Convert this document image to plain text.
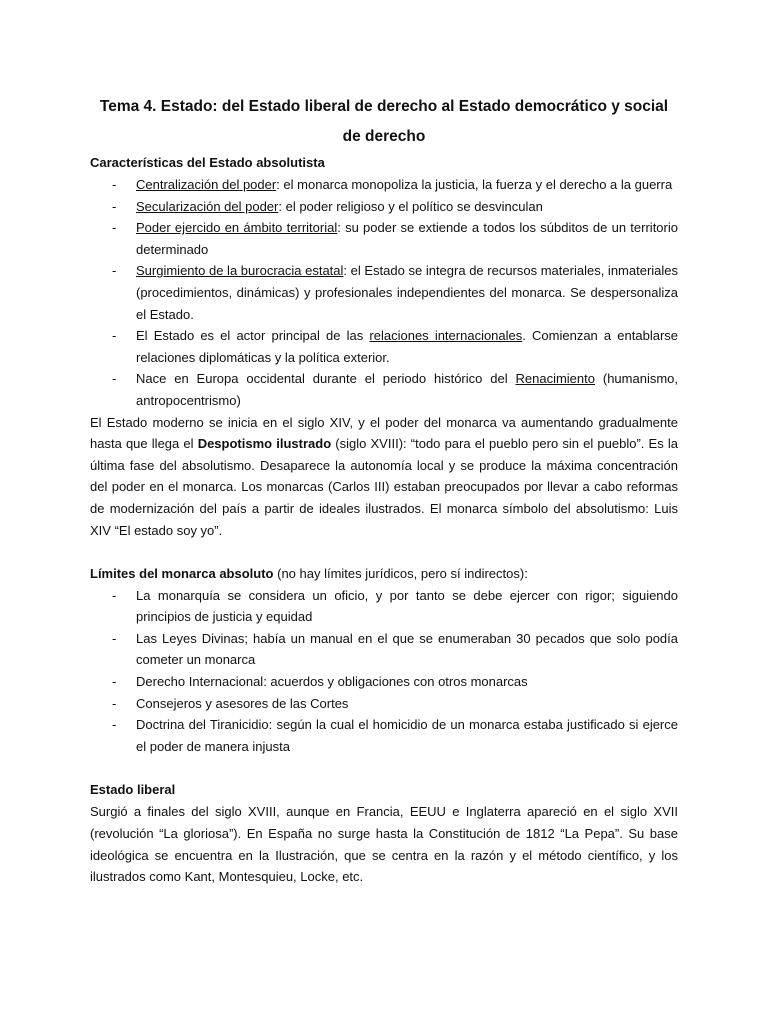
Tema 4. Estado: del Estado liberal de derecho al Estado democrático y social de derecho

Características del Estado absolutista

- Centralización del poder: el monarca monopoliza la justicia, la fuerza y el derecho a la guerra
- Secularización del poder: el poder religioso y el político se desvinculan
- Poder ejercido en ámbito territorial: su poder se extiende a todos los súbditos de un territorio determinado
- Surgimiento de la burocracia estatal: el Estado se integra de recursos materiales, inmateriales (procedimientos, dinámicas) y profesionales independientes del monarca. Se despersonaliza el Estado.
- El Estado es el actor principal de las relaciones internacionales. Comienzan a entablarse relaciones diplomáticas y la política exterior.
- Nace en Europa occidental durante el periodo histórico del Renacimiento (humanismo, antropocentrismo)

El Estado moderno se inicia en el siglo XIV, y el poder del monarca va aumentando gradualmente hasta que llega el Despotismo ilustrado (siglo XVIII): “todo para el pueblo pero sin el pueblo”. Es la última fase del absolutismo. Desaparece la autonomía local y se produce la máxima concentración del poder en el monarca. Los monarcas (Carlos III) estaban preocupados por llevar a cabo reformas de modernización del país a partir de ideales ilustrados. El monarca símbolo del absolutismo: Luis XIV “El estado soy yo”.

Límites del monarca absoluto (no hay límites jurídicos, pero sí indirectos):

- La monarquía se considera un oficio, y por tanto se debe ejercer con rigor; siguiendo principios de justicia y equidad
- Las Leyes Divinas; había un manual en el que se enumeraban 30 pecados que solo podía cometer un monarca
- Derecho Internacional: acuerdos y obligaciones con otros monarcas
- Consejeros y asesores de las Cortes
- Doctrina del Tiranicidio: según la cual el homicidio de un monarca estaba justificado si ejerce el poder de manera injusta

Estado liberal

Surgió a finales del siglo XVIII, aunque en Francia, EEUU e Inglaterra apareció en el siglo XVII (revolución “La gloriosa”). En España no surge hasta la Constitución de 1812 “La Pepa”. Su base ideológica se encuentra en la Ilustración, que se centra en la razón y el método científico, y los ilustrados como Kant, Montesquieu, Locke, etc.
